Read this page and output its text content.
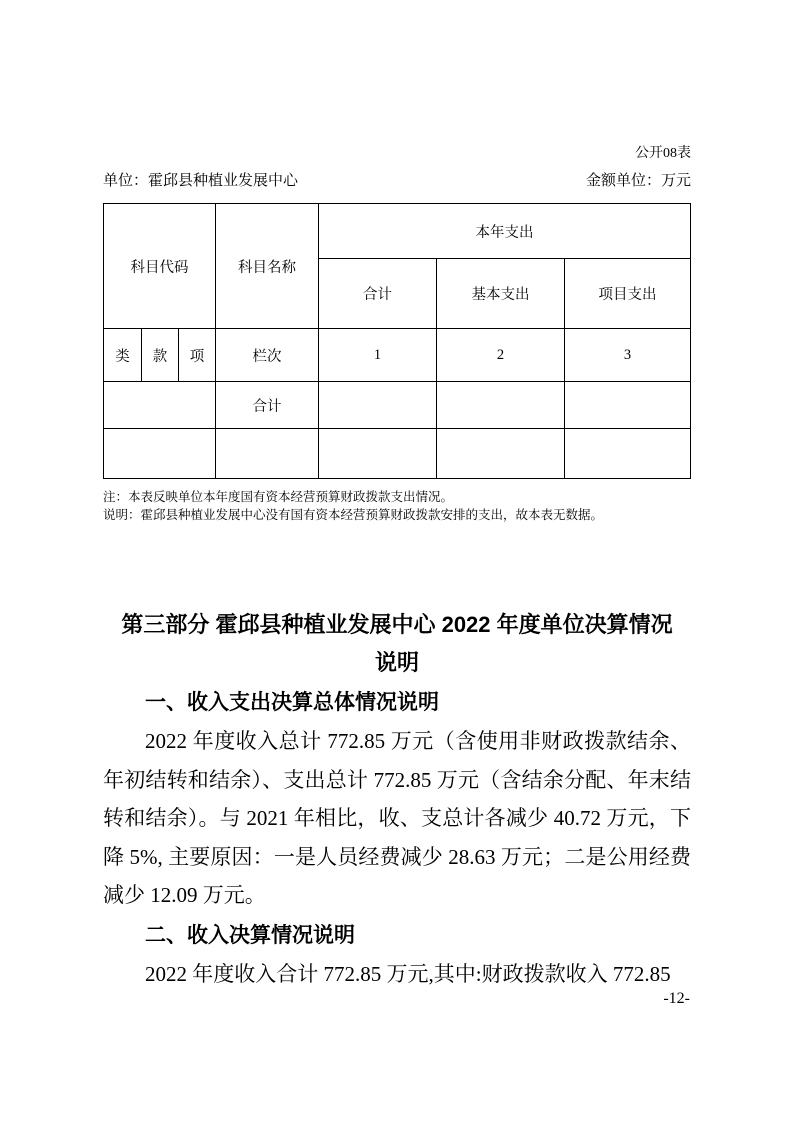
公开08表
单位：霍邱县种植业发展中心	金额单位：万元
科目代码			科目名称	本年支出		
				合计	基本支出	项目支出
类	款	项	栏次	1	2	3
			合计			

注：本表反映单位本年度国有资本经营预算财政拨款支出情况。
说明：霍邱县种植业发展中心没有国有资本经营预算财政拨款安排的支出，故本表无数据。
第三部分 霍邱县种植业发展中心 2022 年度单位决算情况
说明
一、收入支出决算总体情况说明

2022 年度收入总计 772.85 万元（含使用非财政拨款结余、年初结转和结余）、支出总计 772.85 万元（含结余分配、年末结转和结余）。与 2021 年相比，收、支总计各减少 40.72 万元，下降 5%, 主要原因：一是人员经费减少 28.63 万元；二是公用经费减少 12.09 万元。

二、收入决算情况说明

2022 年度收入合计 772.85 万元,其中:财政拨款收入 772.85

-12-
